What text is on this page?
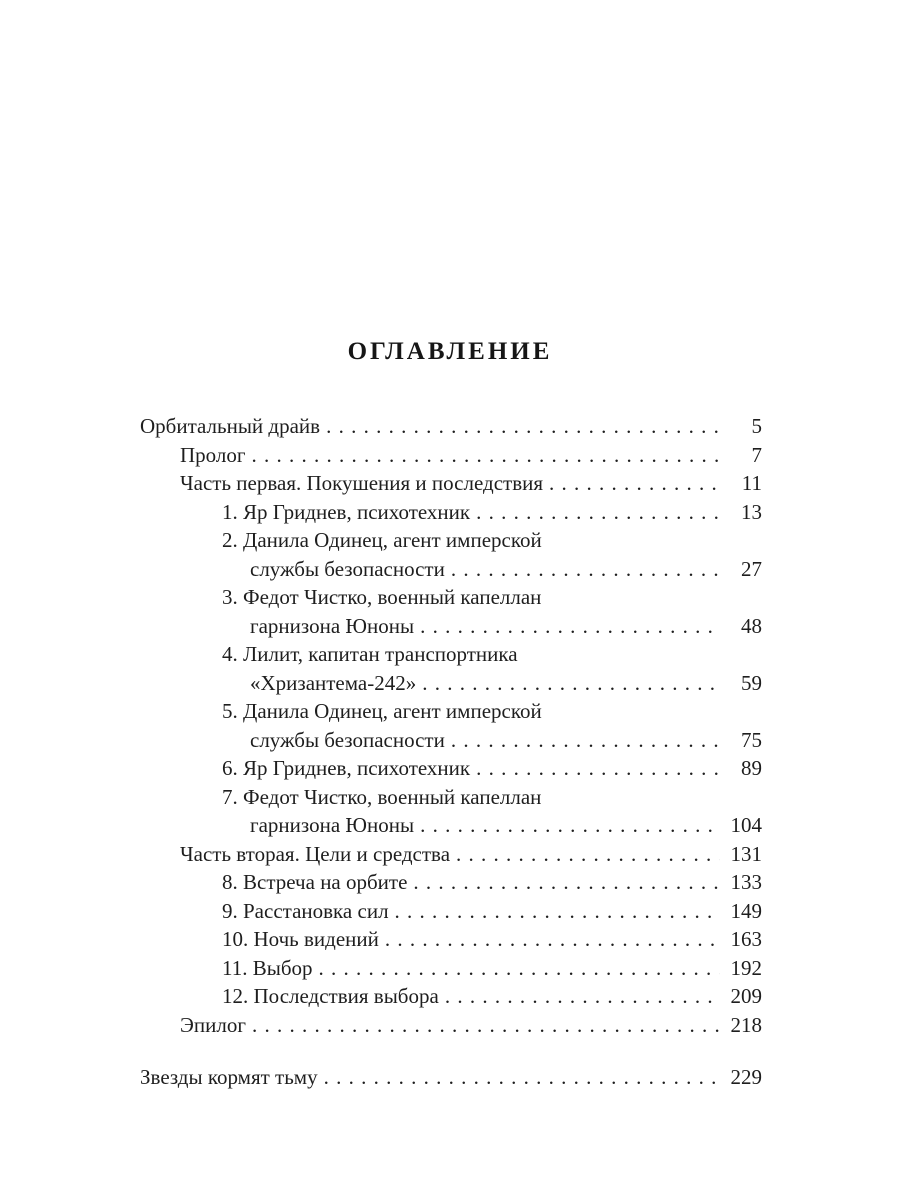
ОГЛАВЛЕНИЕ
Орбитальный драйв . . .	5
Пролог . . .	7
Часть первая. Покушения и последствия . . .	11
1. Яр Гриднев, психотехник . . .	13
2. Данила Одинец, агент имперской
службы безопасности . . .	27
3. Федот Чистко, военный капеллан
гарнизона Юноны . . .	48
4. Лилит, капитан транспортника
«Хризантема-242» . . .	59
5. Данила Одинец, агент имперской
службы безопасности . . .	75
6. Яр Гриднев, психотехник . . .	89
7. Федот Чистко, военный капеллан
гарнизона Юноны . . .	104
Часть вторая. Цели и средства . . .	131
8. Встреча на орбите . . .	133
9. Расстановка сил . . .	149
10. Ночь видений . . .	163
11. Выбор . . .	192
12. Последствия выбора . . .	209
Эпилог . . .	218
Звезды кормят тьму . . .	229
